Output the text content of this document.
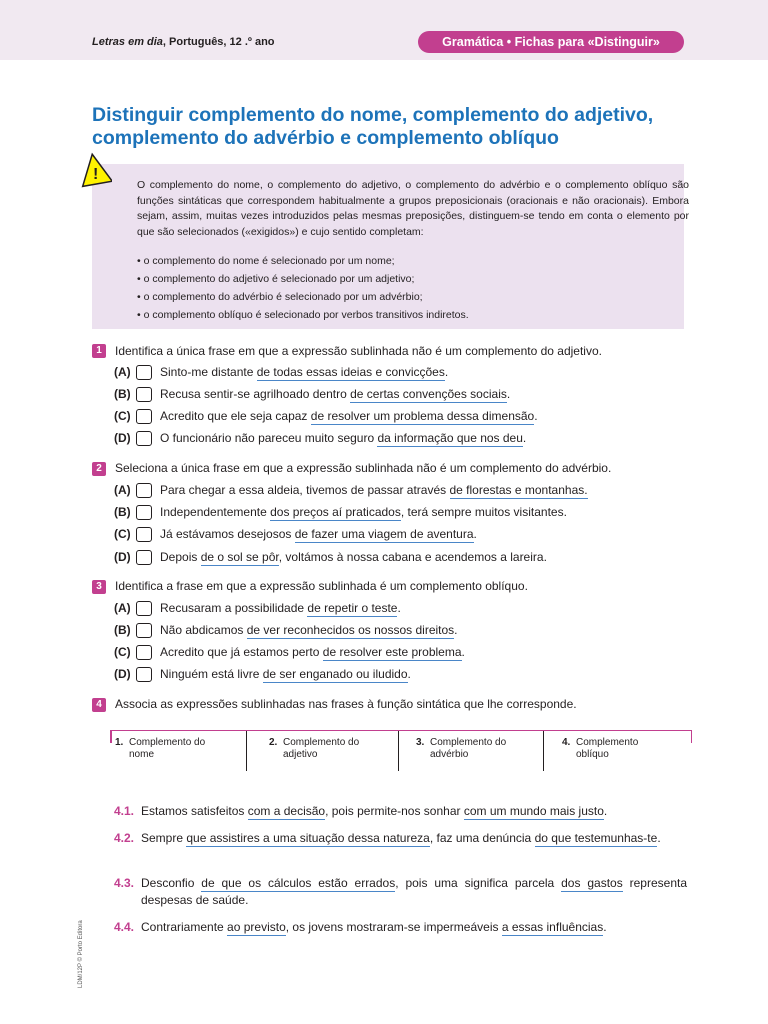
Letras em dia, Português, 12 .º ano	Gramática • Fichas para «Distinguir»
Distinguir complemento do nome, complemento do adjetivo, complemento do advérbio e complemento oblíquo
!

O complemento do nome, o complemento do adjetivo, o complemento do advérbio e o complemento oblíquo são funções sintáticas que correspondem habitualmente a grupos preposicionais (oracionais e não oracionais). Embora sejam, assim, muitas vezes introduzidos pelas mesmas preposições, distinguem-se tendo em conta o elemento por que são selecionados («exigidos») e cujo sentido completam:

• o complemento do nome é selecionado por um nome;
• o complemento do adjetivo é selecionado por um adjetivo;
• o complemento do advérbio é selecionado por um advérbio;
• o complemento oblíquo é selecionado por verbos transitivos indiretos.
1	Identifica a única frase em que a expressão sublinhada não é um complemento do adjetivo.
(A)	Sinto-me distante de todas essas ideias e convicções.
(B)	Recusa sentir-se agrilhoado dentro de certas convenções sociais.
(C)	Acredito que ele seja capaz de resolver um problema dessa dimensão.
(D)	O funcionário não pareceu muito seguro da informação que nos deu.
2	Seleciona a única frase em que a expressão sublinhada não é um complemento do advérbio.
(A)	Para chegar a essa aldeia, tivemos de passar através de florestas e montanhas.
(B)	Independentemente dos preços aí praticados, terá sempre muitos visitantes.
(C)	Já estávamos desejosos de fazer uma viagem de aventura.
(D)	Depois de o sol se pôr, voltámos à nossa cabana e acendemos a lareira.
3	Identifica a frase em que a expressão sublinhada é um complemento oblíquo.
(A)	Recusaram a possibilidade de repetir o teste.
(B)	Não abdicamos de ver reconhecidos os nossos direitos.
(C)	Acredito que já estamos perto de resolver este problema.
(D)	Ninguém está livre de ser enganado ou iludido.
4	Associa as expressões sublinhadas nas frases à função sintática que lhe corresponde.
1. Complemento do nome
2. Complemento do adjetivo
3. Complemento do advérbio
4. Complemento oblíquo
4.1. Estamos satisfeitos com a decisão, pois permite-nos sonhar com um mundo mais justo.
4.2. Sempre que assistires a uma situação dessa natureza, faz uma denúncia do que testemunhas-te.
4.3. Desconfio de que os cálculos estão errados, pois uma significa parcela dos gastos representa despesas de saúde.
4.4. Contrariamente ao previsto, os jovens mostraram-se impermeáveis a essas influências.
LDM/12P © Porto Editora
